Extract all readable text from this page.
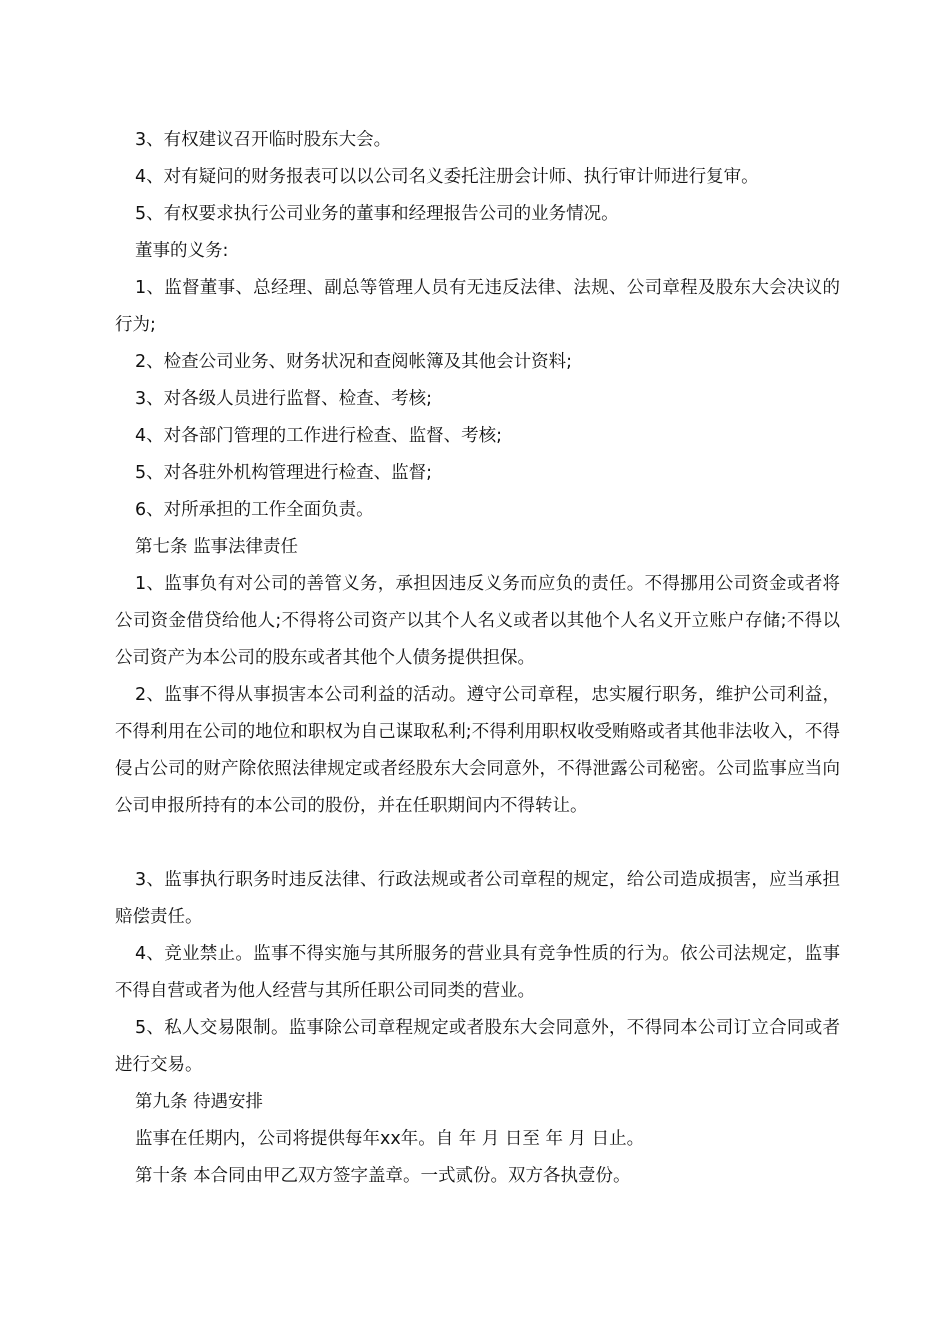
3、有权建议召开临时股东大会。

4、对有疑问的财务报表可以以公司名义委托注册会计师、执行审计师进行复审。

5、有权要求执行公司业务的董事和经理报告公司的业务情况。

董事的义务:

1、监督董事、总经理、副总等管理人员有无违反法律、法规、公司章程及股东大会决议的行为;

2、检查公司业务、财务状况和查阅帐簿及其他会计资料;

3、对各级人员进行监督、检查、考核;

4、对各部门管理的工作进行检查、监督、考核;

5、对各驻外机构管理进行检查、监督;

6、对所承担的工作全面负责。

第七条 监事法律责任

1、监事负有对公司的善管义务，承担因违反义务而应负的责任。不得挪用公司资金或者将公司资金借贷给他人;不得将公司资产以其个人名义或者以其他个人名义开立账户存储;不得以公司资产为本公司的股东或者其他个人债务提供担保。

2、监事不得从事损害本公司利益的活动。遵守公司章程，忠实履行职务，维护公司利益，不得利用在公司的地位和职权为自己谋取私利;不得利用职权收受贿赂或者其他非法收入，不得侵占公司的财产除依照法律规定或者经股东大会同意外，不得泄露公司秘密。公司监事应当向公司申报所持有的本公司的股份，并在任职期间内不得转让。

3、监事执行职务时违反法律、行政法规或者公司章程的规定，给公司造成损害，应当承担赔偿责任。

4、竞业禁止。监事不得实施与其所服务的营业具有竞争性质的行为。依公司法规定，监事不得自营或者为他人经营与其所任职公司同类的营业。

5、私人交易限制。监事除公司章程规定或者股东大会同意外，不得同本公司订立合同或者进行交易。

第九条 待遇安排

监事在任期内，公司将提供每年xx年。自 年 月 日至 年 月 日止。

第十条 本合同由甲乙双方签字盖章。一式贰份。双方各执壹份。
